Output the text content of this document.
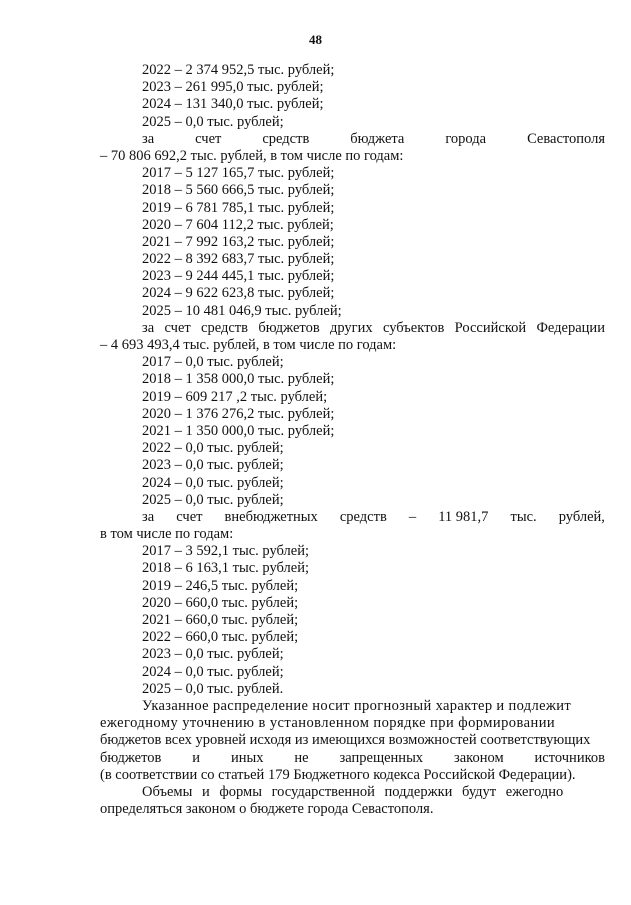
48
2022 – 2 374 952,5 тыс. рублей;
2023 – 261 995,0 тыс. рублей;
2024 – 131 340,0 тыс. рублей;
2025 – 0,0 тыс. рублей;
за	счет	средств	бюджета	города	Севастополя
– 70 806 692,2 тыс. рублей, в том числе по годам:
2017 – 5 127 165,7 тыс. рублей;
2018 – 5 560 666,5 тыс. рублей;
2019 – 6 781 785,1 тыс. рублей;
2020 – 7 604 112,2 тыс. рублей;
2021 – 7 992 163,2 тыс. рублей;
2022 – 8 392 683,7 тыс. рублей;
2023 – 9 244 445,1 тыс. рублей;
2024 – 9 622 623,8 тыс. рублей;
2025 – 10 481 046,9 тыс. рублей;
за счет средств бюджетов других субъектов Российской Федерации
– 4 693 493,4 тыс. рублей, в том числе по годам:
2017 – 0,0 тыс. рублей;
2018 – 1 358 000,0 тыс. рублей;
2019 – 609 217 ,2 тыс. рублей;
2020 – 1 376 276,2 тыс. рублей;
2021 – 1 350 000,0 тыс. рублей;
2022 – 0,0 тыс. рублей;
2023 – 0,0 тыс. рублей;
2024 – 0,0 тыс. рублей;
2025 – 0,0 тыс. рублей;
за счет внебюджетных средств – 11 981,7 тыс. рублей,
в том числе по годам:
2017 – 3 592,1 тыс. рублей;
2018 – 6 163,1 тыс. рублей;
2019 – 246,5 тыс. рублей;
2020 – 660,0 тыс. рублей;
2021 – 660,0 тыс. рублей;
2022 – 660,0 тыс. рублей;
2023 – 0,0 тыс. рублей;
2024 – 0,0 тыс. рублей;
2025 – 0,0 тыс. рублей.
Указанное распределение носит прогнозный характер и подлежит
ежегодному уточнению в установленном порядке при формировании
бюджетов всех уровней исходя из имеющихся возможностей соответствующих
бюджетов и иных не запрещенных законом источников
(в соответствии со статьей 179 Бюджетного кодекса Российской Федерации).
Объемы и формы государственной поддержки будут ежегодно
определяться законом о бюджете города Севастополя.
